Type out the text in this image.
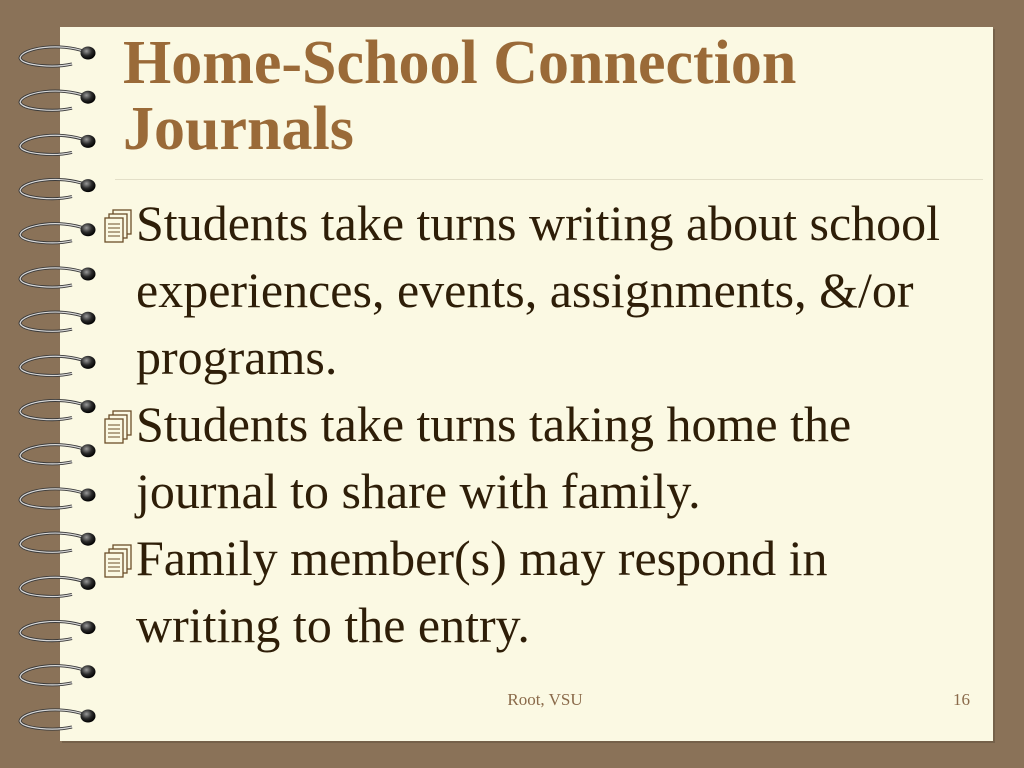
Home-School Connection
Journals
Students take turns writing about school experiences, events, assignments, &/or programs.
Students take turns taking home the journal to share with family.
Family member(s) may respond in writing to the entry.
Root, VSU	16
